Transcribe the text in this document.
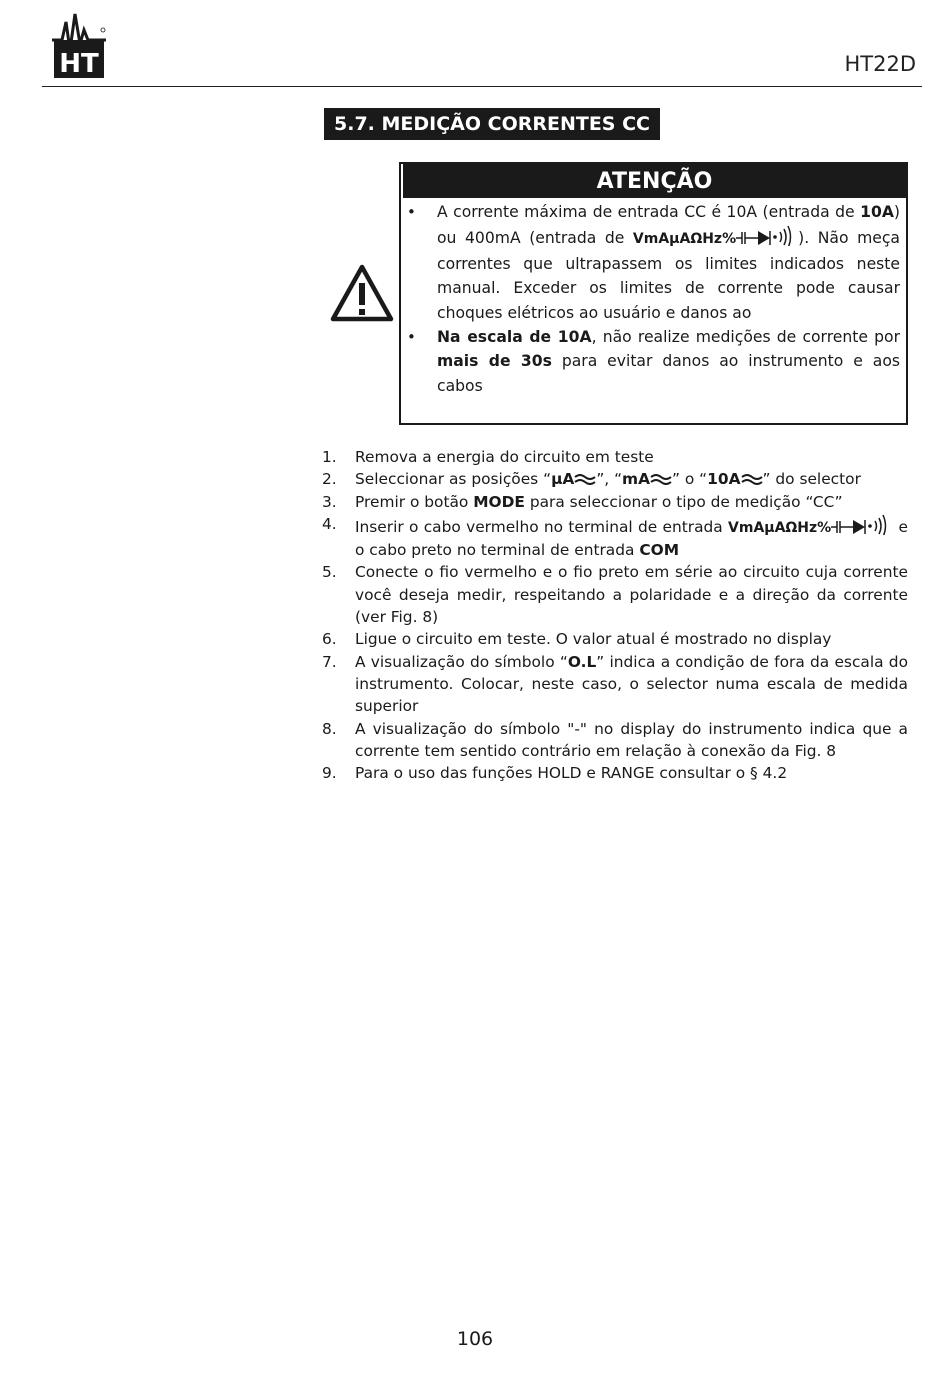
HT	HT22D
5.7. MEDIÇÃO CORRENTES CC
ATENÇÃO
• A corrente máxima de entrada CC é 10A (entrada de 10A) ou 400mA (entrada de VmAµAΩHz%	). Não meça correntes que ultrapassem os limites indicados neste manual. Exceder os limites de corrente pode causar choques elétricos ao usuário e danos ao
• Na escala de 10A, não realize medições de corrente por mais de 30s para evitar danos ao instrumento e aos cabos
1. Remova a energia do circuito em teste
2. Seleccionar as posições “µA ”, “mA ” o “10A ” do selector
3. Premir o botão MODE para seleccionar o tipo de medição “CC”
4. Inserir o cabo vermelho no terminal de entrada VmAµAΩHz%	e o cabo preto no terminal de entrada COM
5. Conecte o fio vermelho e o fio preto em série ao circuito cuja corrente você deseja medir, respeitando a polaridade e a direção da corrente (ver Fig. 8)
6. Ligue o circuito em teste. O valor atual é mostrado no display
7. A visualização do símbolo “O.L” indica a condição de fora da escala do instrumento. Colocar, neste caso, o selector numa escala de medida superior
8. A visualização do símbolo "-" no display do instrumento indica que a corrente tem sentido contrário em relação à conexão da Fig. 8
9. Para o uso das funções HOLD e RANGE consultar o § 4.2
106
